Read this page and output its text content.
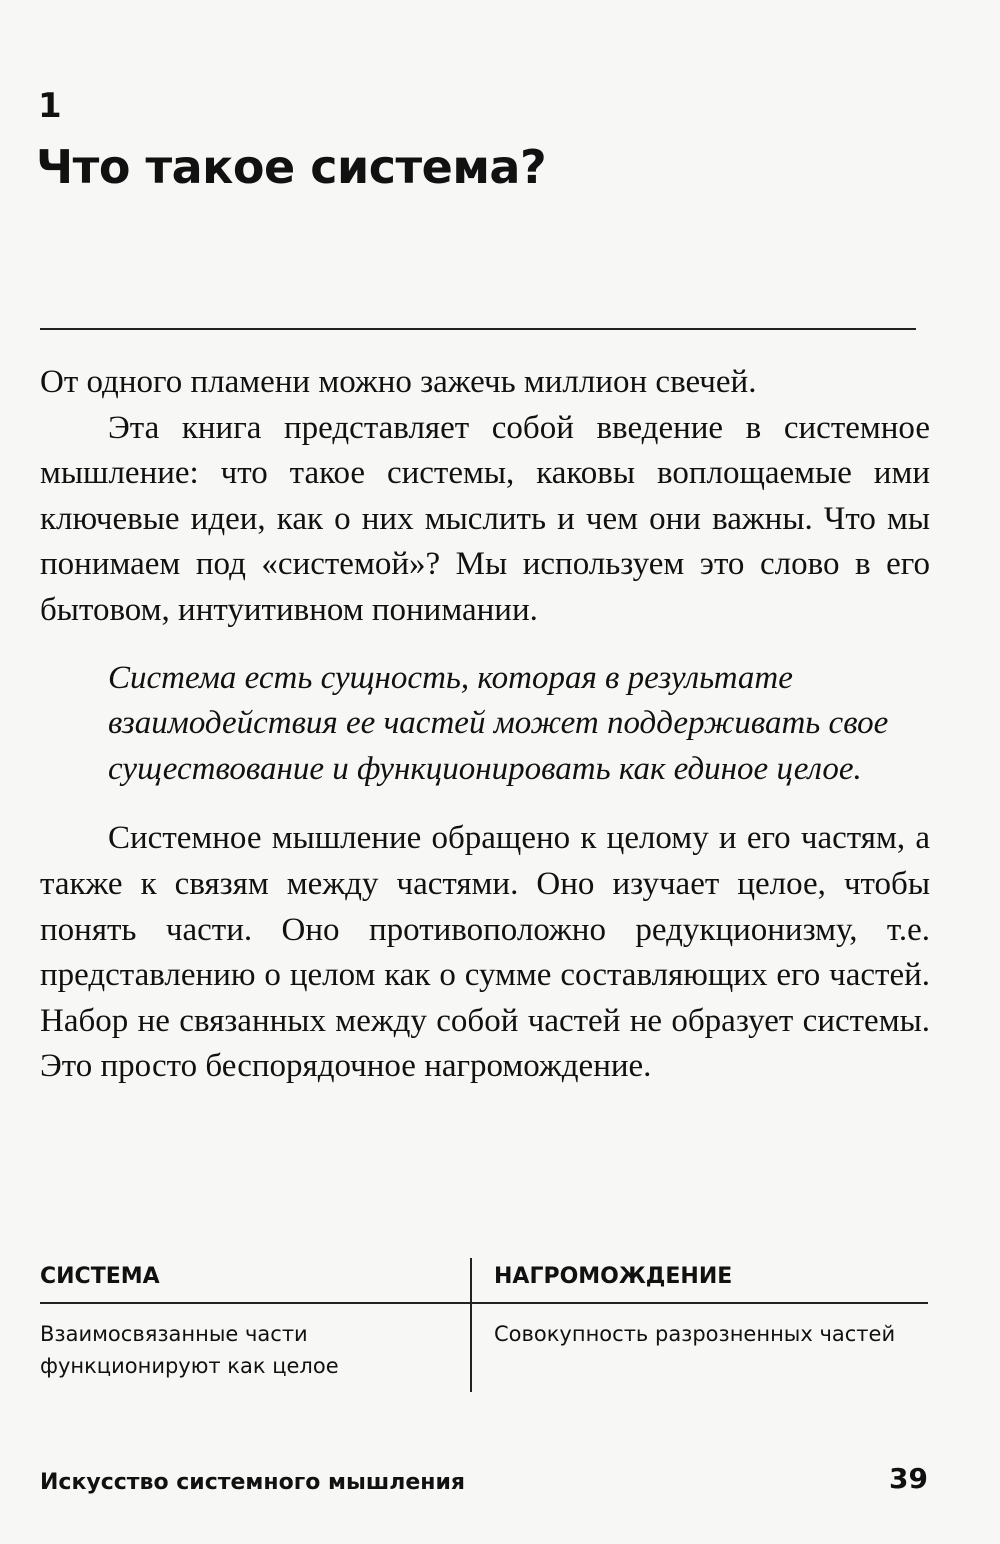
1
Что такое система?

От одного пламени можно зажечь миллион свечей.

Эта книга представляет собой введение в системное мышление: что такое системы, каковы воплощаемые ими ключевые идеи, как о них мыслить и чем они важны. Что мы понимаем под «системой»? Мы используем это слово в его бытовом, интуитивном понимании.

Система есть сущность, которая в результате взаимодействия ее частей может поддерживать свое существование и функционировать как единое целое.

Системное мышление обращено к целому и его частям, а также к связям между частями. Оно изучает целое, чтобы понять части. Оно противоположно редукционизму, т.е. представлению о целом как о сумме составляющих его частей. Набор не связанных между собой частей не образует системы. Это просто беспорядочное нагромождение.

СИСТЕМА	НАГРОМОЖДЕНИЕ
Взаимосвязанные части функционируют как целое
Совокупность разрозненных частей
Искусство системного мышления	39
